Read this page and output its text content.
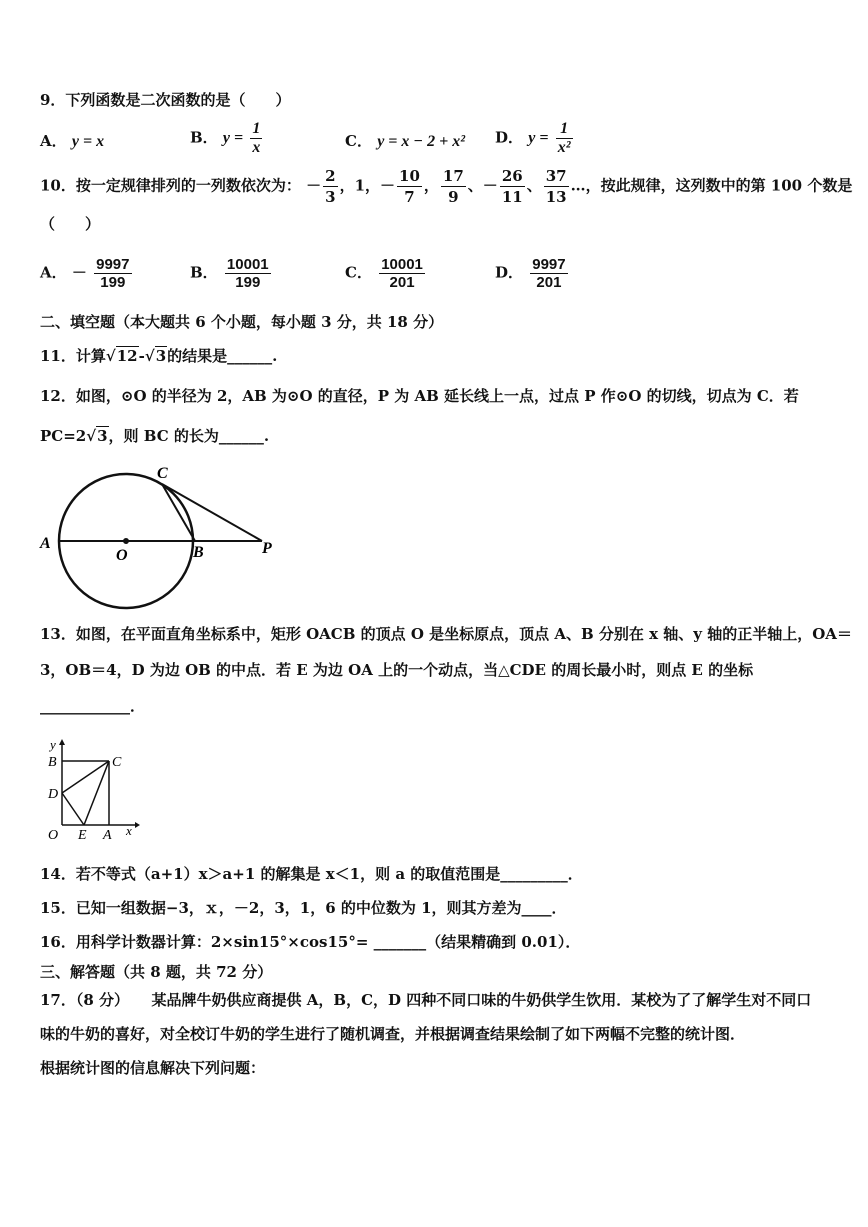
9．下列函数是二次函数的是（　　）
A． y = x	B． $y = \frac{1}{x}$	C． y = x − 2 + x² D． $y = \frac{1}{\text{x²}}$
10．按一定规律排列的一列数依次为： － $\frac{2}{3}$ ，1，－ $\frac{10}{7}$ ， $\frac{17}{9}$ 、－ $\frac{26}{11}$ 、 $\frac{37}{13}$ …，按此规律，这列数中的第 100 个数是
（　　）
A． － $\frac{9997}{199}$	B． $\frac{10001}{199}$	C． $\frac{10001}{201}$	D． $\frac{9997}{201}$
二、填空题（本大题共 6 个小题，每小题 3 分，共 18 分）
11．计算√12-√3的结果是______.
12．如图，⊙O 的半径为 2，AB 为⊙O 的直径，P 为 AB 延长线上一点，过点 P 作⊙O 的切线，切点为 C．若
PC=2√3，则 BC 的长为______.
A
O	B
C
P
13．如图，在平面直角坐标系中，矩形 OACB 的顶点 O 是坐标原点，顶点 A、B 分别在 x 轴、y 轴的正半轴上，OA＝
3，OB＝4，D 为边 OB 的中点．若 E 为边 OA 上的一个动点，当△CDE 的周长最小时，则点 E 的坐标
____________．
y
x
B	C
D
O E A
14．若不等式（a+1）x＞a+1 的解集是 x＜1，则 a 的取值范围是_________．
15．已知一组数据−3，ｘ，－2，3，1，6 的中位数为 1，则其方差为____．
16．用科学计数器计算：2×sin15°×cos15°= _______（结果精确到 0.01）．
三、解答题（共 8 题，共 72 分）
17．（8 分）　　某品牌牛奶供应商提供 A，B，C，D 四种不同口味的牛奶供学生饮用．某校为了了解学生对不同口
味的牛奶的喜好，对全校订牛奶的学生进行了随机调查，并根据调查结果绘制了如下两幅不完整的统计图．
根据统计图的信息解决下列问题：
